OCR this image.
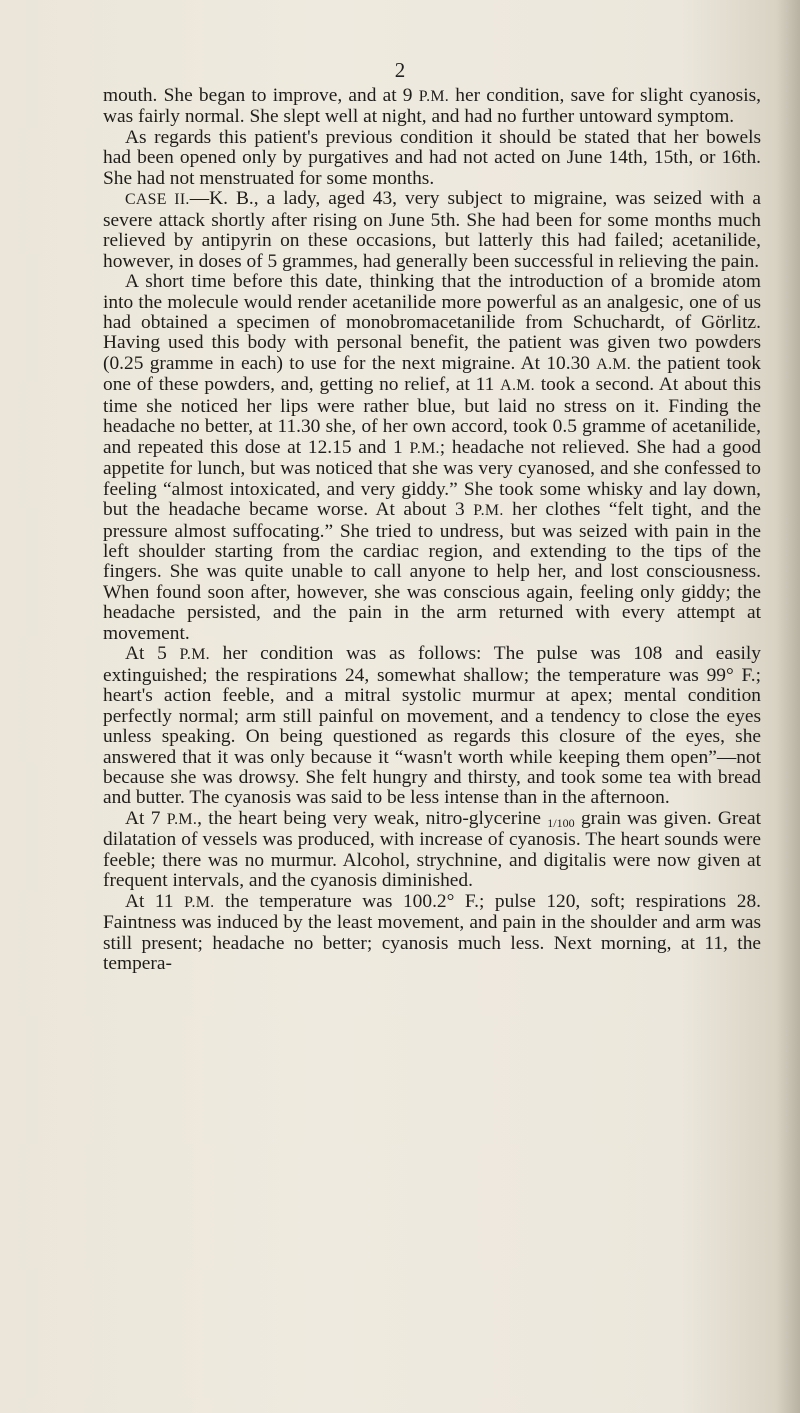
2

mouth. She began to improve, and at 9 P.M. her condition, save for slight cyanosis, was fairly normal. She slept well at night, and had no further untoward symptom.

As regards this patient's previous condition it should be stated that her bowels had been opened only by purgatives and had not acted on June 14th, 15th, or 16th. She had not menstruated for some months.

CASE II.—K. B., a lady, aged 43, very subject to migraine, was seized with a severe attack shortly after rising on June 5th. She had been for some months much relieved by antipyrin on these occasions, but latterly this had failed; acetanilide, however, in doses of 5 grammes, had generally been successful in relieving the pain.

A short time before this date, thinking that the introduction of a bromide atom into the molecule would render acetanilide more powerful as an analgesic, one of us had obtained a specimen of monobromacetanilide from Schuchardt, of Görlitz. Having used this body with personal benefit, the patient was given two powders (0.25 gramme in each) to use for the next migraine. At 10.30 A.M. the patient took one of these powders, and, getting no relief, at 11 A.M. took a second. At about this time she noticed her lips were rather blue, but laid no stress on it. Finding the headache no better, at 11.30 she, of her own accord, took 0.5 gramme of acetanilide, and repeated this dose at 12.15 and 1 P.M.; headache not relieved. She had a good appetite for lunch, but was noticed that she was very cyanosed, and she confessed to feeling “almost intoxicated, and very giddy.” She took some whisky and lay down, but the headache became worse. At about 3 P.M. her clothes “felt tight, and the pressure almost suffocating.” She tried to undress, but was seized with pain in the left shoulder starting from the cardiac region, and extending to the tips of the fingers. She was quite unable to call anyone to help her, and lost consciousness. When found soon after, however, she was conscious again, feeling only giddy; the headache persisted, and the pain in the arm returned with every attempt at movement.

At 5 P.M. her condition was as follows: The pulse was 108 and easily extinguished; the respirations 24, somewhat shallow; the temperature was 99° F.; heart's action feeble, and a mitral systolic murmur at apex; mental condition perfectly normal; arm still painful on movement, and a tendency to close the eyes unless speaking. On being questioned as regards this closure of the eyes, she answered that it was only because it “wasn't worth while keeping them open”—not because she was drowsy. She felt hungry and thirsty, and took some tea with bread and butter. The cyanosis was said to be less intense than in the afternoon.

At 7 P.M., the heart being very weak, nitro-glycerine 1/100 grain was given. Great dilatation of vessels was produced, with increase of cyanosis. The heart sounds were feeble; there was no murmur. Alcohol, strychnine, and digitalis were now given at frequent intervals, and the cyanosis diminished.

At 11 P.M. the temperature was 100.2° F.; pulse 120, soft; respirations 28. Faintness was induced by the least movement, and pain in the shoulder and arm was still present; headache no better; cyanosis much less. Next morning, at 11, the tempera-
